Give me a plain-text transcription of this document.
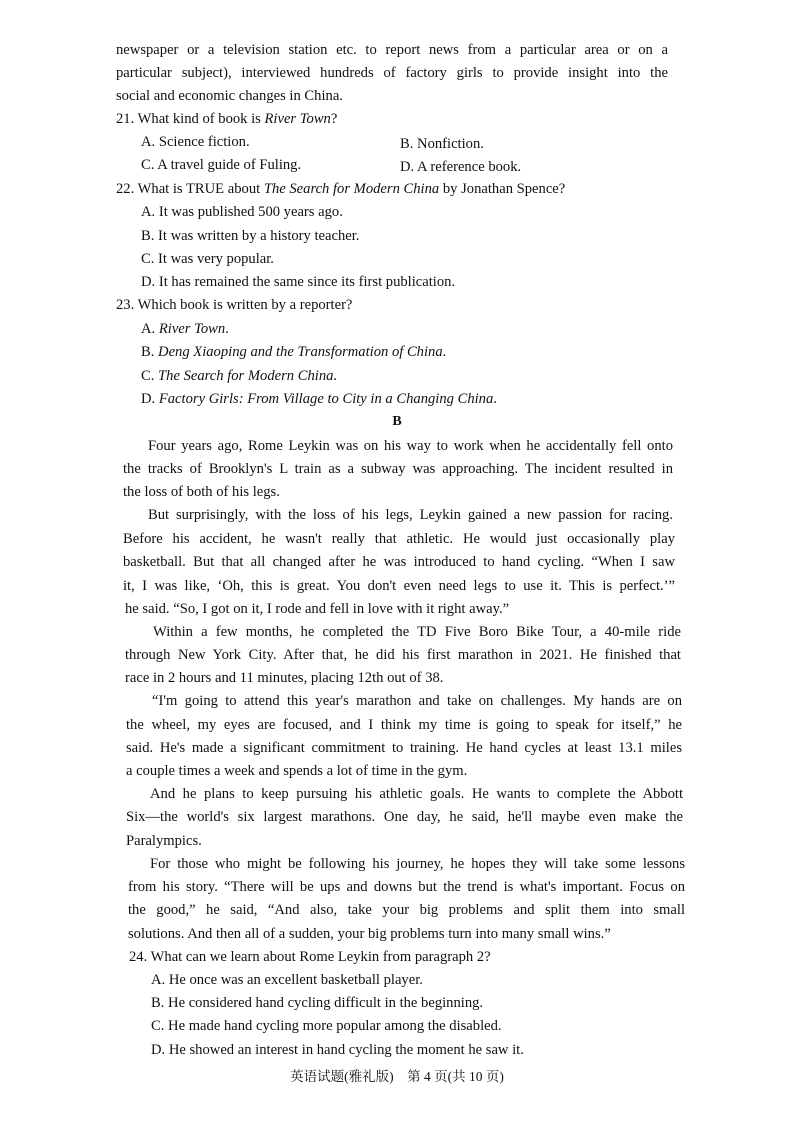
newspaper or a television station etc. to report news from a particular area or on a
particular subject), interviewed hundreds of factory girls to provide insight into the
social and economic changes in China.
21. What kind of book is River Town?
A. Science fiction.	B. Nonfiction.
C. A travel guide of Fuling.	D. A reference book.
22. What is TRUE about The Search for Modern China by Jonathan Spence?
A. It was published 500 years ago.
B. It was written by a history teacher.
C. It was very popular.
D. It has remained the same since its first publication.
23. Which book is written by a reporter?
A. River Town.
B. Deng Xiaoping and the Transformation of China.
C. The Search for Modern China.
D. Factory Girls: From Village to City in a Changing China.
B
Four years ago, Rome Leykin was on his way to work when he accidentally fell onto
the tracks of Brooklyn's L train as a subway was approaching. The incident resulted in
the loss of both of his legs.
But surprisingly, with the loss of his legs, Leykin gained a new passion for racing.
Before his accident, he wasn't really that athletic. He would just occasionally play
basketball. But that all changed after he was introduced to hand cycling. “When I saw
it, I was like, ‘Oh, this is great. You don't even need legs to use it. This is perfect.’”
he said. “So, I got on it, I rode and fell in love with it right away.”
Within a few months, he completed the TD Five Boro Bike Tour, a 40-mile ride
through New York City. After that, he did his first marathon in 2021. He finished that
race in 2 hours and 11 minutes, placing 12th out of 38.
“I'm going to attend this year's marathon and take on challenges. My hands are on
the wheel, my eyes are focused, and I think my time is going to speak for itself,” he
said. He's made a significant commitment to training. He hand cycles at least 13.1 miles
a couple times a week and spends a lot of time in the gym.
And he plans to keep pursuing his athletic goals. He wants to complete the Abbott
Six—the world's six largest marathons. One day, he said, he'll maybe even make the
Paralympics.
For those who might be following his journey, he hopes they will take some lessons
from his story. “There will be ups and downs but the trend is what's important. Focus on
the good,” he said, “And also, take your big problems and split them into small
solutions. And then all of a sudden, your big problems turn into many small wins.”
24. What can we learn about Rome Leykin from paragraph 2?
A. He once was an excellent basketball player.
B. He considered hand cycling difficult in the beginning.
C. He made hand cycling more popular among the disabled.
D. He showed an interest in hand cycling the moment he saw it.
英语试题(雅礼版)　第 4 页(共 10 页)
